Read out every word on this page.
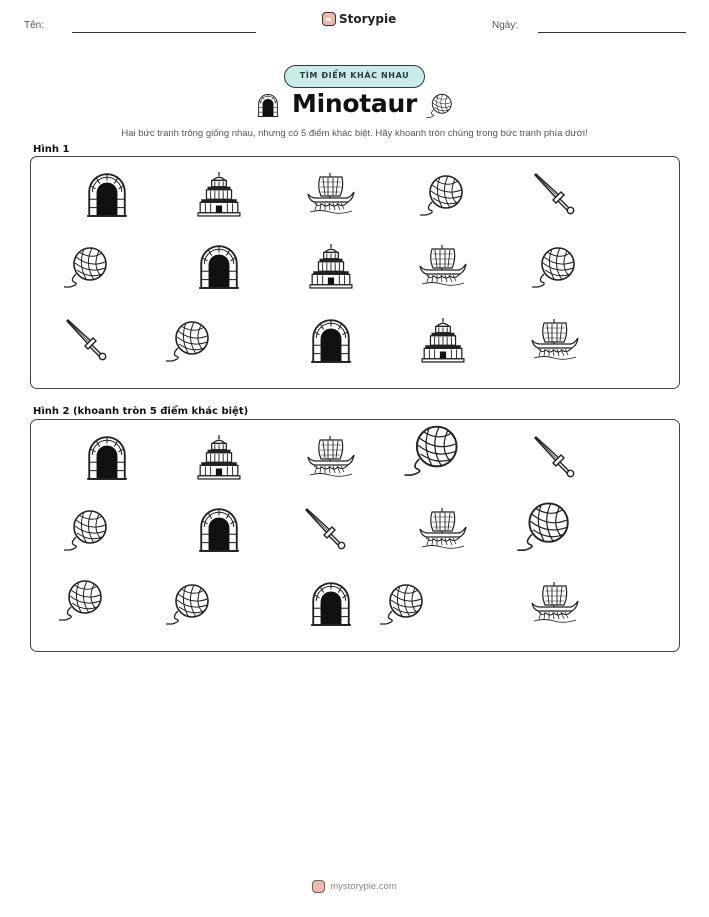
Tên:	Storypie	Ngày:
TÌM ĐIỂM KHÁC NHAU
Minotaur
Hai bức tranh trông giống nhau, nhưng có 5 điểm khác biệt. Hãy khoanh tròn chúng trong bức tranh phía dưới!
Hình 1
Hình 2 (khoanh tròn 5 điểm khác biệt)
mystorypie.com
